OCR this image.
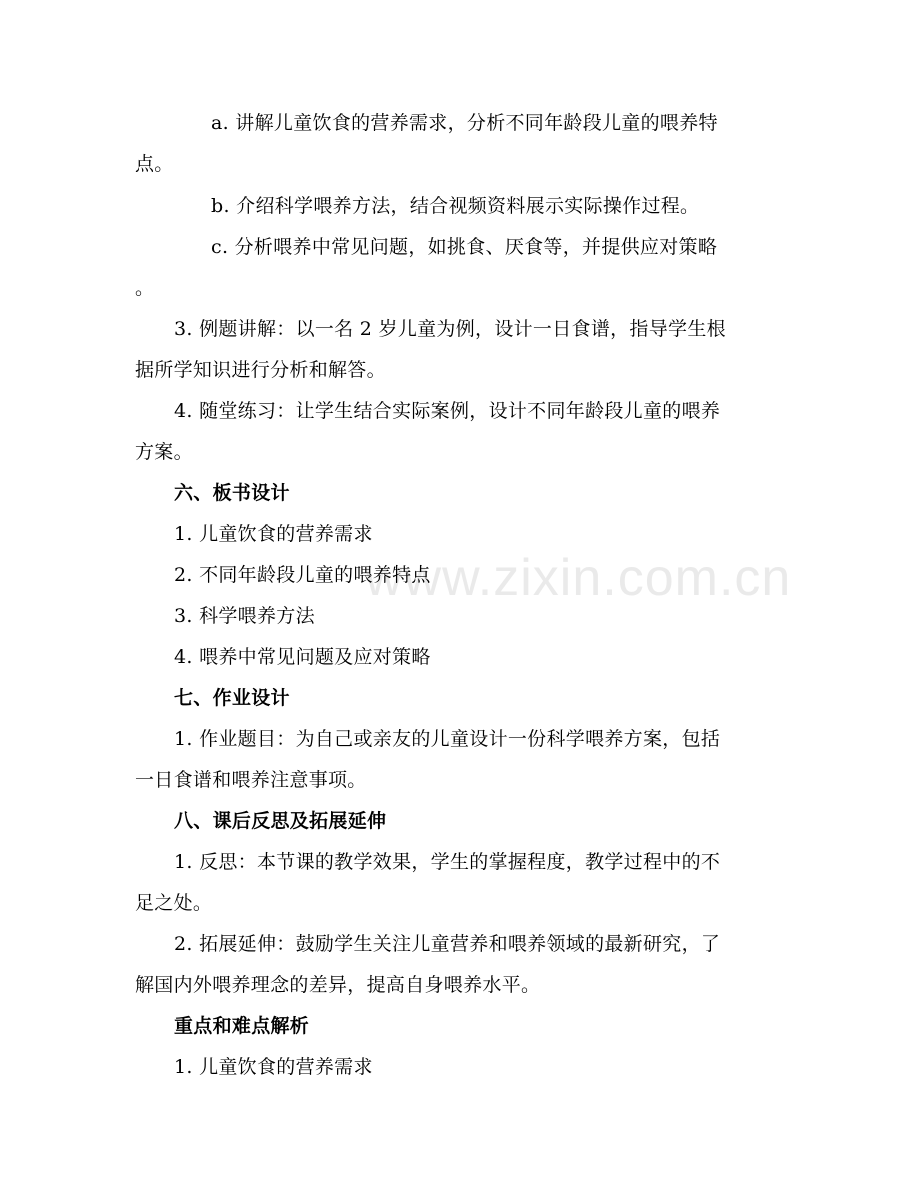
www.zixin.com.cn
a. 讲解儿童饮食的营养需求，分析不同年龄段儿童的喂养特
点。
b. 介绍科学喂养方法，结合视频资料展示实际操作过程。
c. 分析喂养中常见问题，如挑食、厌食等，并提供应对策略
。
3. 例题讲解：以一名 2 岁儿童为例，设计一日食谱，指导学生根
据所学知识进行分析和解答。
4. 随堂练习：让学生结合实际案例，设计不同年龄段儿童的喂养
方案。
六、板书设计
1. 儿童饮食的营养需求
2. 不同年龄段儿童的喂养特点
3. 科学喂养方法
4. 喂养中常见问题及应对策略
七、作业设计
1. 作业题目：为自己或亲友的儿童设计一份科学喂养方案，包括
一日食谱和喂养注意事项。
八、课后反思及拓展延伸
1. 反思：本节课的教学效果，学生的掌握程度，教学过程中的不
足之处。
2. 拓展延伸：鼓励学生关注儿童营养和喂养领域的最新研究，了
解国内外喂养理念的差异，提高自身喂养水平。
重点和难点解析
1. 儿童饮食的营养需求
